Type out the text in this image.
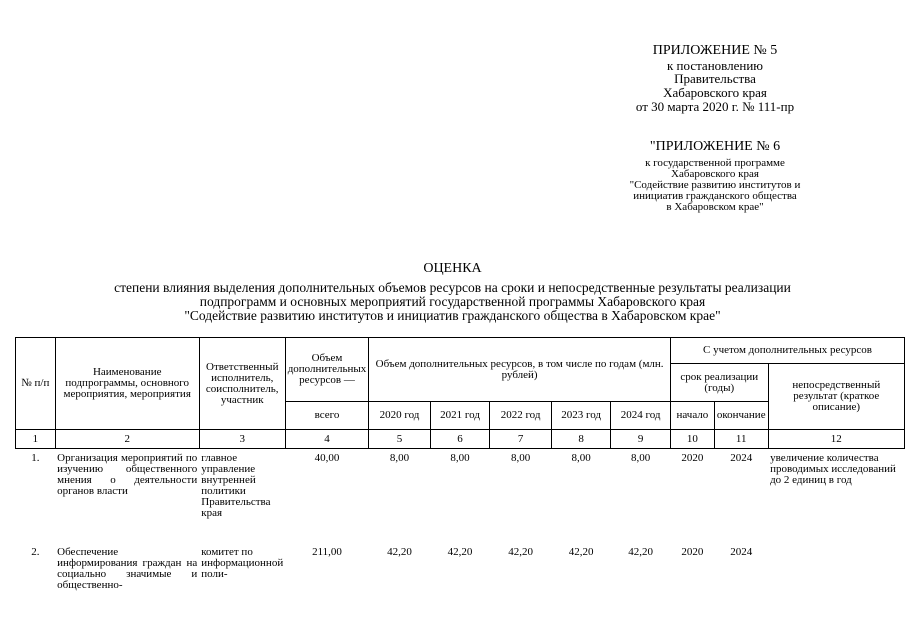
ПРИЛОЖЕНИЕ № 5
к постановлению
Правительства
Хабаровского края
от 30 марта 2020 г. № 111-пр
"ПРИЛОЖЕНИЕ № 6
к государственной программе
Хабаровского края
"Содействие развитию институтов и
инициатив гражданского общества
в Хабаровском крае"
ОЦЕНКА
степени влияния выделения дополнительных объемов ресурсов на сроки и непосредственные результаты реализации
подпрограмм и основных мероприятий государственной программы Хабаровского края
"Содействие развитию институтов и инициатив гражданского общества в Хабаровском крае"
№ п/п	Наименование подпрограммы, основного мероприятия, мероприятия	Ответственный исполнитель, соисполнитель, участник	Объем дополнительных ресурсов —	Объем дополнительных ресурсов, в том числе по годам (млн. рублей)					С учетом дополнительных ресурсов		
									срок реализации (годы)		непосредственный результат (краткое описание)
			всего	2020 год	2021 год	2022 год	2023 год	2024 год	начало	окончание	
1	2	3	4	5	6	7	8	9	10	11	12
1.	Организация мероприятий по изучению общественного мнения о деятельности органов власти	главное управление внутренней политики Правительства края	40,00	8,00	8,00	8,00	8,00	8,00	2020	2024	увеличение количества проводимых исследований до 2 единиц в год
2.	Обеспечение информирования граждан на социально значимые и общественно-	комитет по информационной поли-	211,00	42,20	42,20	42,20	42,20	42,20	2020	2024	
